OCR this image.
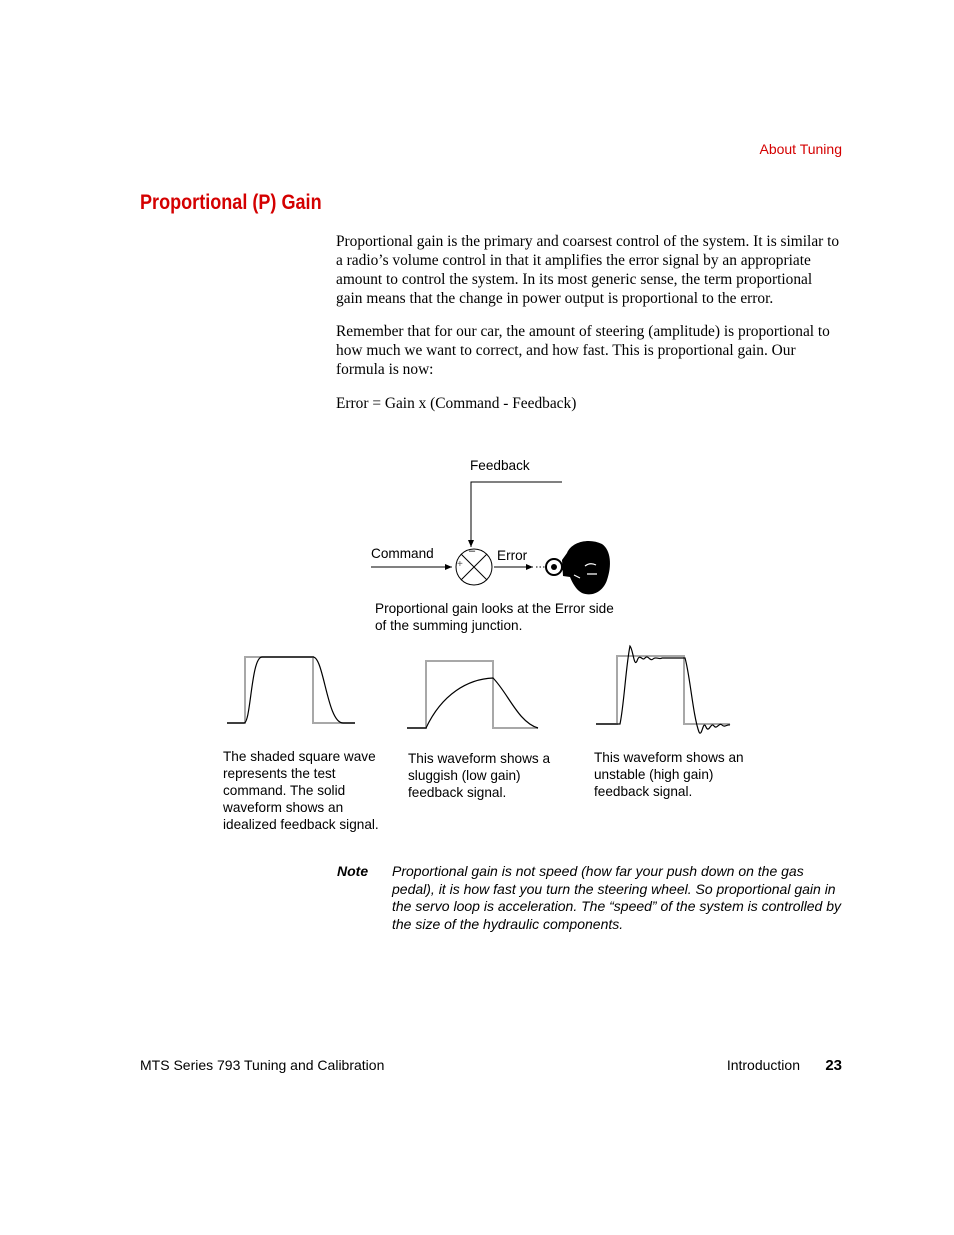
About Tuning
Proportional (P) Gain

Proportional gain is the primary and coarsest control of the system. It is similar to a radio’s volume control in that it amplifies the error signal by an appropriate amount to control the system. In its most generic sense, the term proportional gain means that the change in power output is proportional to the error.

Remember that for our car, the amount of steering (amplitude) is proportional to how much we want to correct, and how fast. This is proportional gain. Our formula is now:

Error = Gain x (Command - Feedback)

Feedback
Command	Error
–
+
Proportional gain looks at the Error side of the summing junction.
The shaded square wave represents the test command. The solid waveform shows an idealized feedback signal.
This waveform shows a sluggish (low gain) feedback signal.
This waveform shows an unstable (high gain) feedback signal.
Note Proportional gain is not speed (how far your push down on the gas pedal), it is how fast you turn the steering wheel. So proportional gain in the servo loop is acceleration. The “speed” of the system is controlled by the size of the hydraulic components.

MTS Series 793 Tuning and Calibration	Introduction 23
